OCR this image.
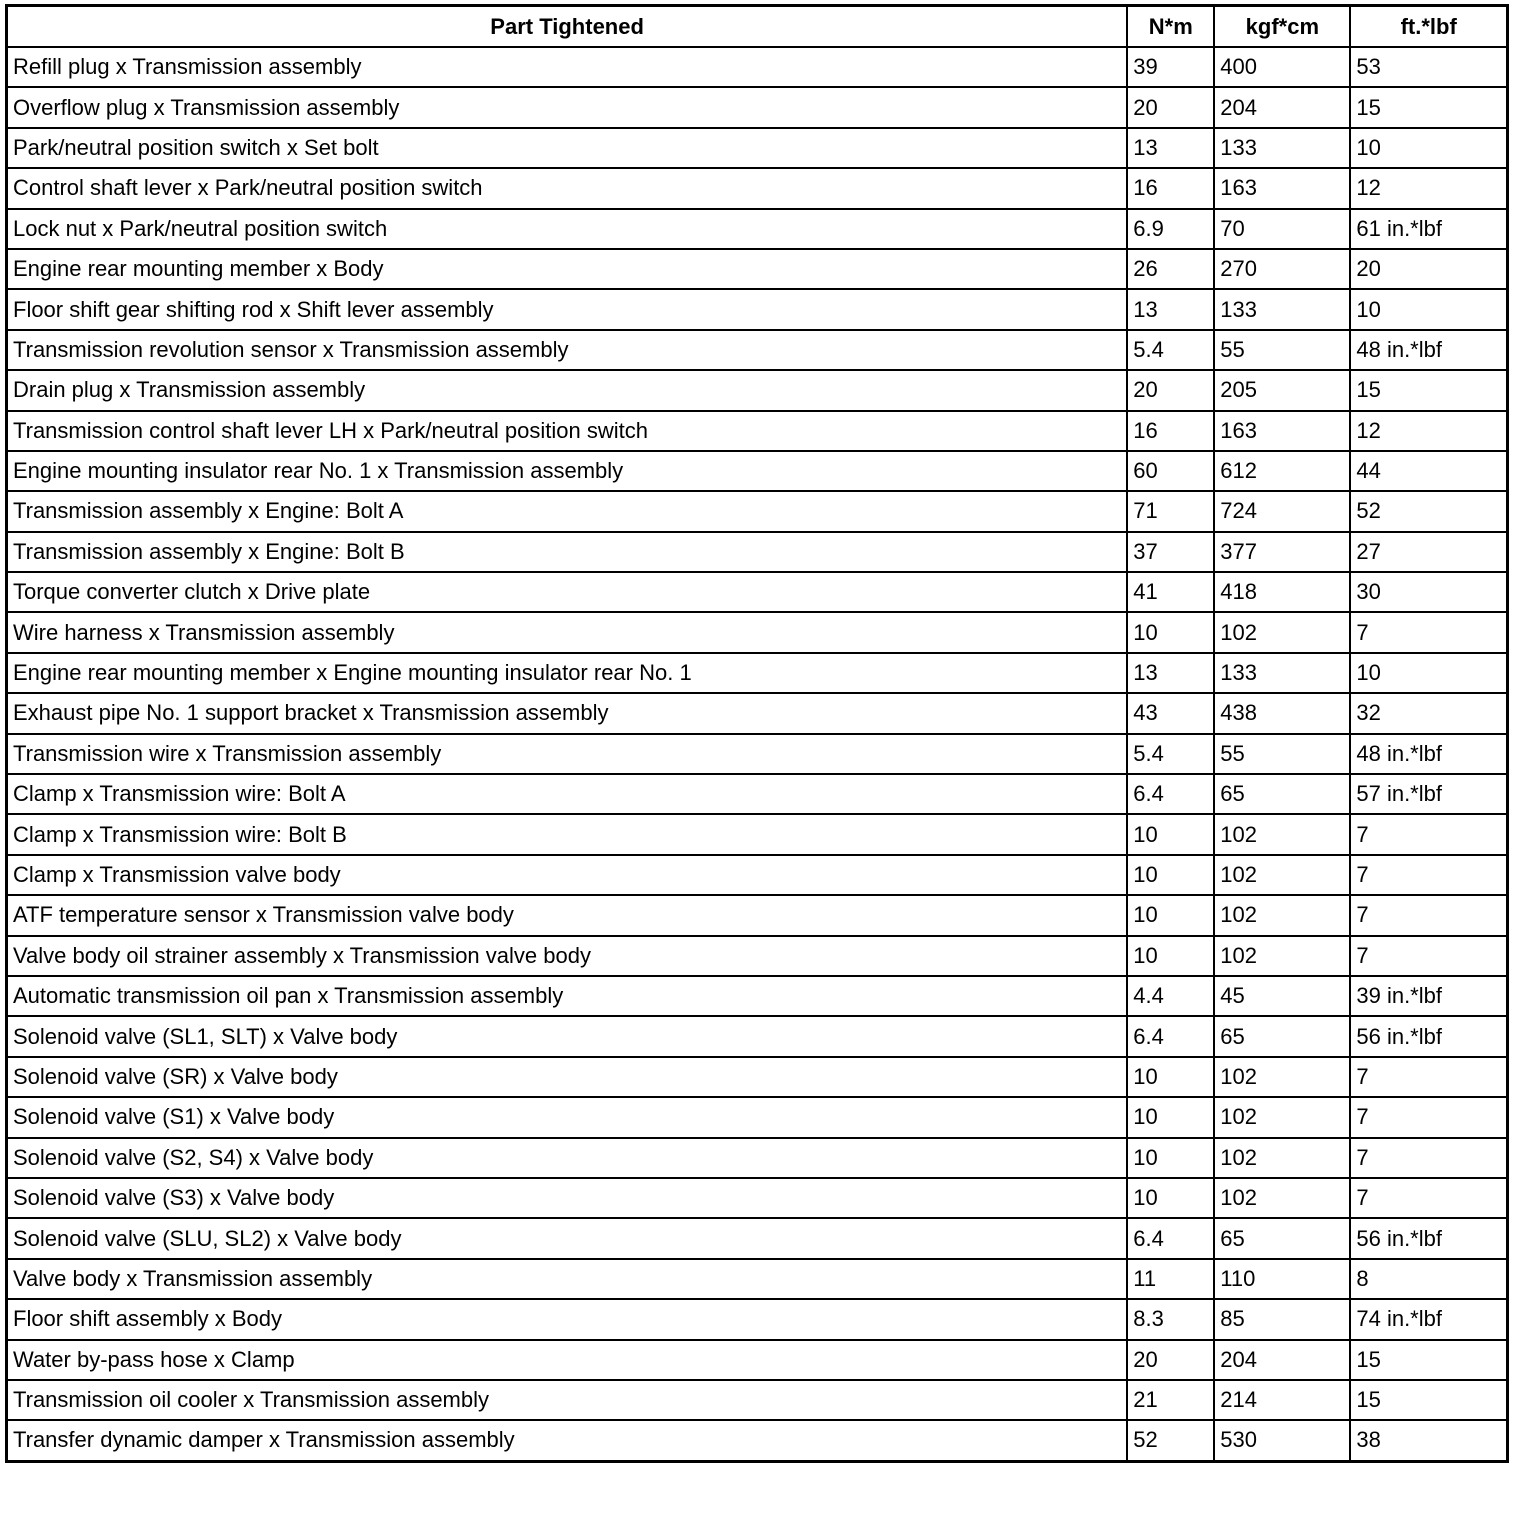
Part Tightened	N*m	kgf*cm	ft.*lbf
Refill plug x Transmission assembly	39	400	53
Overflow plug x Transmission assembly	20	204	15
Park/neutral position switch x Set bolt	13	133	10
Control shaft lever x Park/neutral position switch	16	163	12
Lock nut x Park/neutral position switch	6.9	70	61 in.*lbf
Engine rear mounting member x Body	26	270	20
Floor shift gear shifting rod x Shift lever assembly	13	133	10
Transmission revolution sensor x Transmission assembly	5.4	55	48 in.*lbf
Drain plug x Transmission assembly	20	205	15
Transmission control shaft lever LH x Park/neutral position switch	16	163	12
Engine mounting insulator rear No. 1 x Transmission assembly	60	612	44
Transmission assembly x Engine: Bolt A	71	724	52
Transmission assembly x Engine: Bolt B	37	377	27
Torque converter clutch x Drive plate	41	418	30
Wire harness x Transmission assembly	10	102	7
Engine rear mounting member x Engine mounting insulator rear No. 1	13	133	10
Exhaust pipe No. 1 support bracket x Transmission assembly	43	438	32
Transmission wire x Transmission assembly	5.4	55	48 in.*lbf
Clamp x Transmission wire: Bolt A	6.4	65	57 in.*lbf
Clamp x Transmission wire: Bolt B	10	102	7
Clamp x Transmission valve body	10	102	7
ATF temperature sensor x Transmission valve body	10	102	7
Valve body oil strainer assembly x Transmission valve body	10	102	7
Automatic transmission oil pan x Transmission assembly	4.4	45	39 in.*lbf
Solenoid valve (SL1, SLT) x Valve body	6.4	65	56 in.*lbf
Solenoid valve (SR) x Valve body	10	102	7
Solenoid valve (S1) x Valve body	10	102	7
Solenoid valve (S2, S4) x Valve body	10	102	7
Solenoid valve (S3) x Valve body	10	102	7
Solenoid valve (SLU, SL2) x Valve body	6.4	65	56 in.*lbf
Valve body x Transmission assembly	11	110	8
Floor shift assembly x Body	8.3	85	74 in.*lbf
Water by-pass hose x Clamp	20	204	15
Transmission oil cooler x Transmission assembly	21	214	15
Transfer dynamic damper x Transmission assembly	52	530	38
